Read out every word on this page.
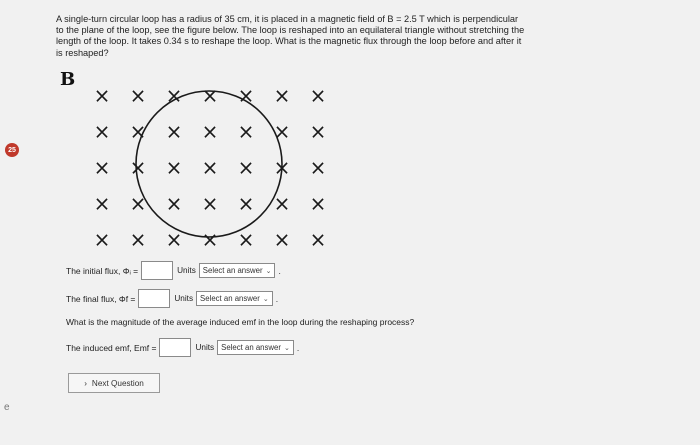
25
A single-turn circular loop has a radius of 35 cm, it is placed in a magnetic field of B = 2.5 T which is perpendicular to the plane of the loop, see the figure below. The loop is reshaped into an equilateral triangle without stretching the length of the loop. It takes 0.34 s to reshape the loop. What is the magnetic flux through the loop before and after it is reshaped?
B
× × × × × × ×
× × × × × × ×
× × × × × × ×
× × × × × × ×
× × × × × × ×
The initial flux, Φᵢ =	Units Select an answer ⌄ .
The final flux, Φf =	Units Select an answer ⌄ .
What is the magnitude of the average induced emf in the loop during the reshaping process?
The induced emf, Emf =	Units Select an answer ⌄ .
› Next Question
e
